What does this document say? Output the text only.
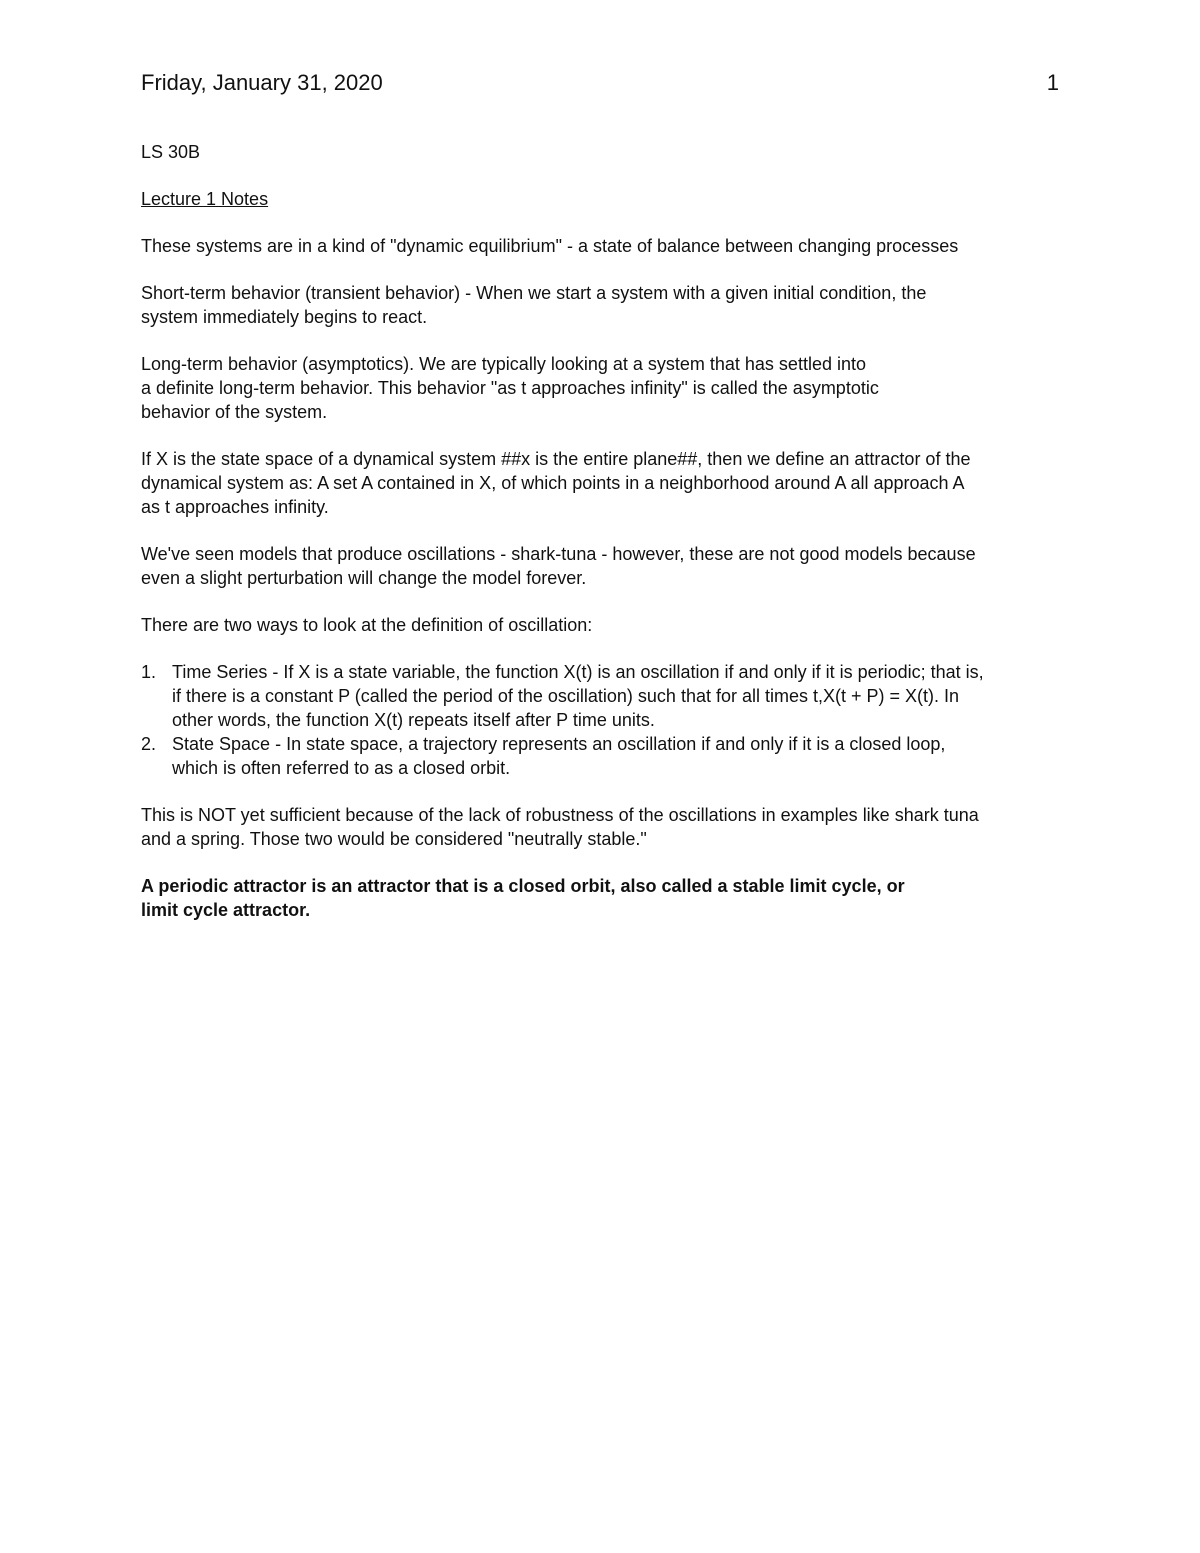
Friday, January 31, 2020	1
LS 30B
Lecture 1 Notes
These systems are in a kind of "dynamic equilibrium" - a state of balance between changing processes
Short-term behavior (transient behavior) - When we start a system with a given initial condition, the
system immediately begins to react.
Long-term behavior (asymptotics). We are typically looking at a system that has settled into
a definite long-term behavior. This behavior "as t approaches infinity" is called the asymptotic
behavior of the system.
If X is the state space of a dynamical system ##x is the entire plane##, then we define an attractor of the
dynamical system as: A set A contained in X, of which points in a neighborhood around A all approach A
as t approaches infinity.
We've seen models that produce oscillations - shark-tuna - however, these are not good models because
even a slight perturbation will change the model forever.
There are two ways to look at the definition of oscillation:
1. Time Series - If X is a state variable, the function X(t) is an oscillation if and only if it is periodic; that is,
if there is a constant P (called the period of the oscillation) such that for all times t,X(t + P) = X(t). In
other words, the function X(t) repeats itself after P time units.
2. State Space - In state space, a trajectory represents an oscillation if and only if it is a closed loop,
which is often referred to as a closed orbit.
This is NOT yet sufficient because of the lack of robustness of the oscillations in examples like shark tuna
and a spring. Those two would be considered "neutrally stable."
A periodic attractor is an attractor that is a closed orbit, also called a stable limit cycle, or
limit cycle attractor.
